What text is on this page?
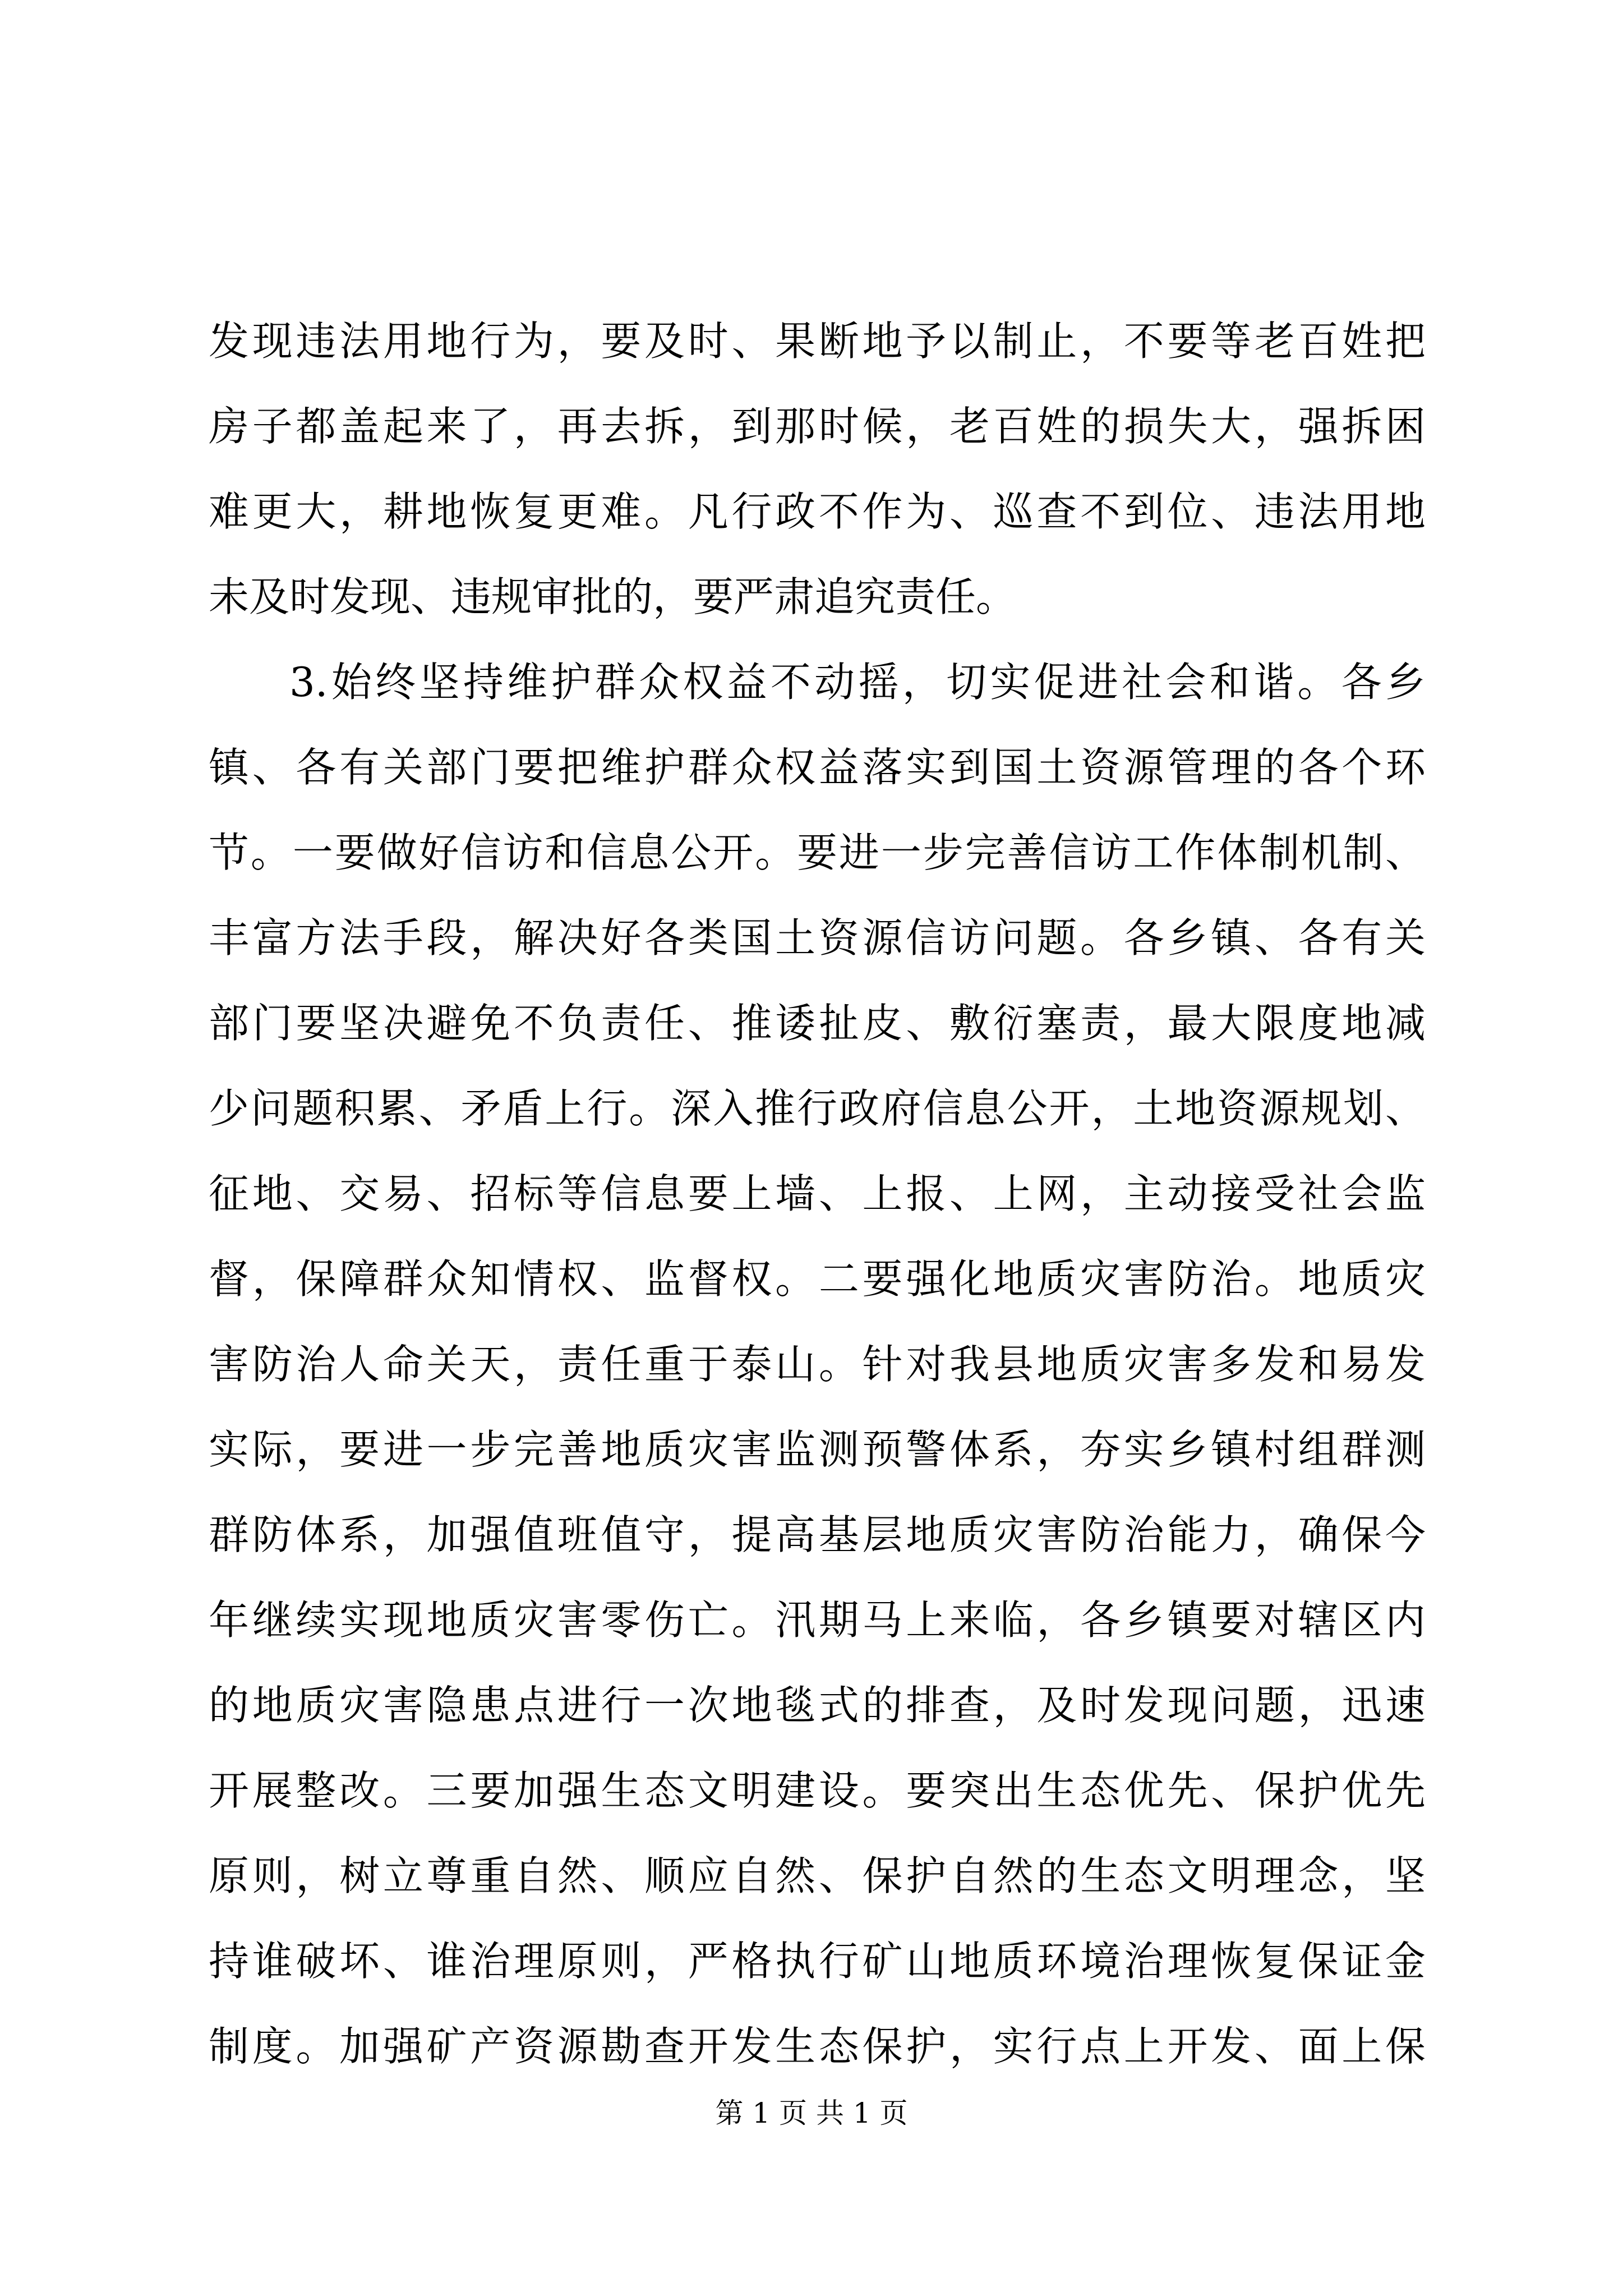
发现违法用地行为，要及时、果断地予以制止，不要等老百姓把
房子都盖起来了，再去拆，到那时候，老百姓的损失大，强拆困
难更大，耕地恢复更难。凡行政不作为、巡查不到位、违法用地
未及时发现、违规审批的，要严肃追究责任。
3.始终坚持维护群众权益不动摇，切实促进社会和谐。各乡
镇、各有关部门要把维护群众权益落实到国土资源管理的各个环
节。一要做好信访和信息公开。要进一步完善信访工作体制机制、
丰富方法手段，解决好各类国土资源信访问题。各乡镇、各有关
部门要坚决避免不负责任、推诿扯皮、敷衍塞责，最大限度地减
少问题积累、矛盾上行。深入推行政府信息公开，土地资源规划、
征地、交易、招标等信息要上墙、上报、上网，主动接受社会监
督，保障群众知情权、监督权。二要强化地质灾害防治。地质灾
害防治人命关天，责任重于泰山。针对我县地质灾害多发和易发
实际，要进一步完善地质灾害监测预警体系，夯实乡镇村组群测
群防体系，加强值班值守，提高基层地质灾害防治能力，确保今
年继续实现地质灾害零伤亡。汛期马上来临，各乡镇要对辖区内
的地质灾害隐患点进行一次地毯式的排查，及时发现问题，迅速
开展整改。三要加强生态文明建设。要突出生态优先、保护优先
原则，树立尊重自然、顺应自然、保护自然的生态文明理念，坚
持谁破坏、谁治理原则，严格执行矿山地质环境治理恢复保证金
制度。加强矿产资源勘查开发生态保护，实行点上开发、面上保
第 1 页 共 1 页
